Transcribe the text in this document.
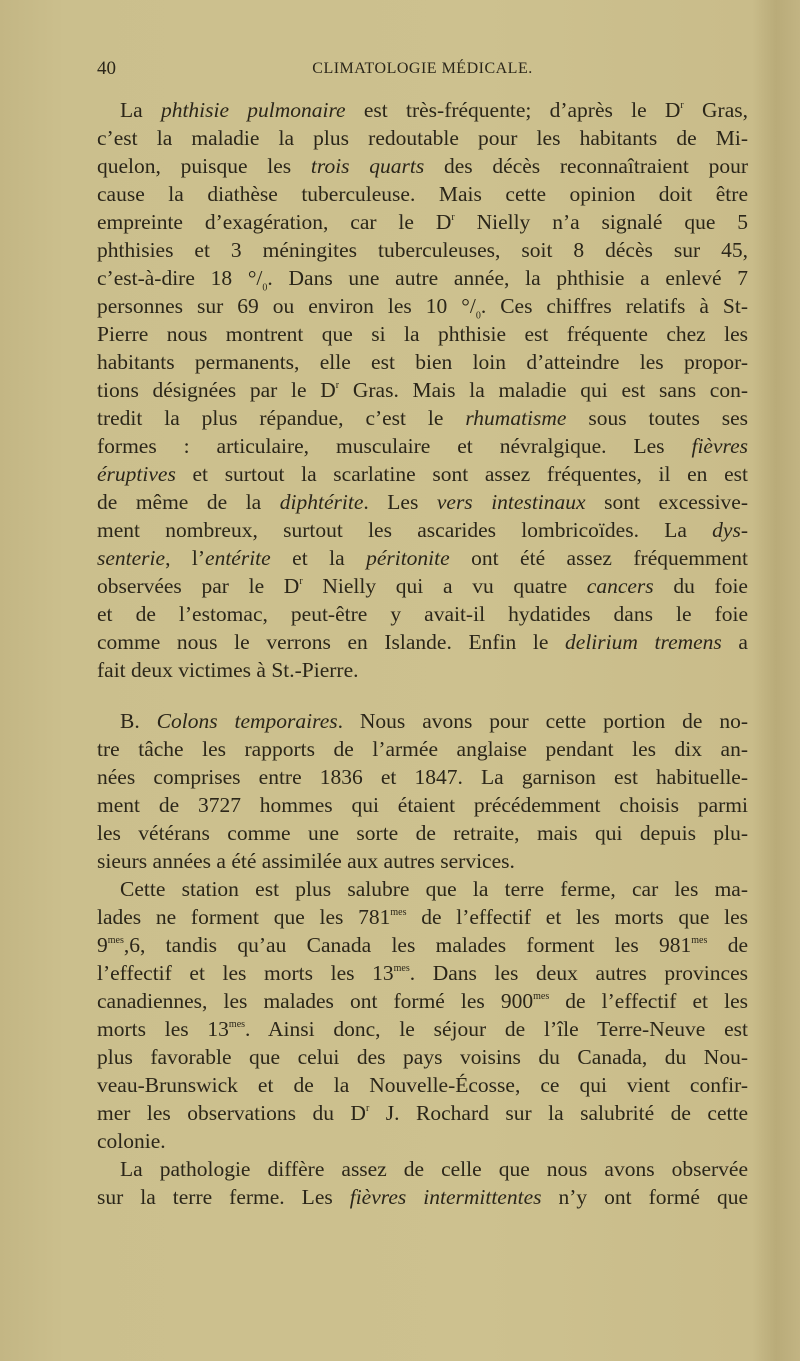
40	CLIMATOLOGIE MÉDICALE.
La phthisie pulmonaire est très-fréquente; d’après le $D^r$ Gras,
c’est la maladie la plus redoutable pour les habitants de Mi-
quelon, puisque les trois quarts des décès reconnaîtraient pour
cause la diathèse tuberculeuse. Mais cette opinion doit être
empreinte d’exagération, car le $D^r$ Nielly n’a signalé que 5
phthisies et 3 méningites tuberculeuses, soit 8 décès sur 45,
c’est-à-dire 18 $^\circ/_0$. Dans une autre année, la phthisie a enlevé 7
personnes sur 69 ou environ les 10 $^\circ/_0$. Ces chiffres relatifs à St-
Pierre nous montrent que si la phthisie est fréquente chez les
habitants permanents, elle est bien loin d’atteindre les propor-
tions désignées par le $D^r$ Gras. Mais la maladie qui est sans con-
tredit la plus répandue, c’est le rhumatisme sous toutes ses
formes : articulaire, musculaire et névralgique. Les fièvres
éruptives et surtout la scarlatine sont assez fréquentes, il en est
de même de la diphtérite. Les vers intestinaux sont excessive-
ment nombreux, surtout les ascarides lombricoïdes. La dys-
senterie, l’entérite et la péritonite ont été assez fréquemment
observées par le $D^r$ Nielly qui a vu quatre cancers du foie
et de l’estomac, peut-être y avait-il hydatides dans le foie
comme nous le verrons en Islande. Enfin le delirium tremens a
fait deux victimes à St.-Pierre.
B. Colons temporaires. Nous avons pour cette portion de no-
tre tâche les rapports de l’armée anglaise pendant les dix an-
nées comprises entre 1836 et 1847. La garnison est habituelle-
ment de 3727 hommes qui étaient précédemment choisis parmi
les vétérans comme une sorte de retraite, mais qui depuis plu-
sieurs années a été assimilée aux autres services.
Cette station est plus salubre que la terre ferme, car les ma-
lades ne forment que les $781^{mes}$ de l’effectif et les morts que les
$9^{mes},6$, tandis qu’au Canada les malades forment les $981^{mes}$ de
l’effectif et les morts les $13^{mes}$. Dans les deux autres provinces
canadiennes, les malades ont formé les $900^{mes}$ de l’effectif et les
morts les $13^{mes}$. Ainsi donc, le séjour de l’île Terre-Neuve est
plus favorable que celui des pays voisins du Canada, du Nou-
veau-Brunswick et de la Nouvelle-Écosse, ce qui vient confir-
mer les observations du $D^r$ J. Rochard sur la salubrité de cette
colonie.
La pathologie diffère assez de celle que nous avons observée
sur la terre ferme. Les fièvres intermittentes n’y ont formé que
